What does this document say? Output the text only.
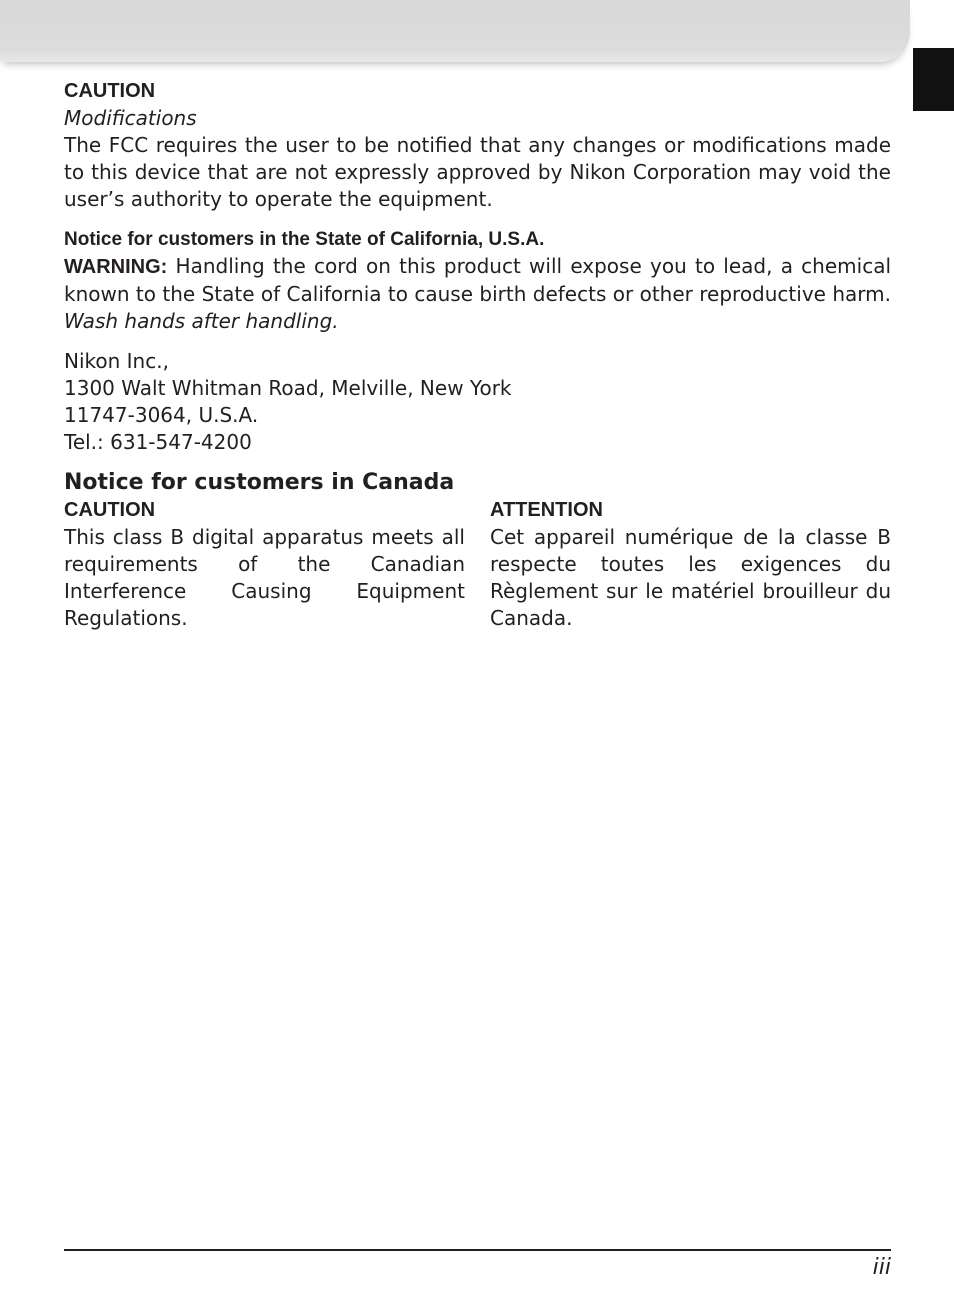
CAUTION

Modifications

The FCC requires the user to be notified that any changes or modifications made to this device that are not expressly approved by Nikon Corporation may void the user’s authority to operate the equipment.

Notice for customers in the State of California, U.S.A.

WARNING: Handling the cord on this product will expose you to lead, a chemical known to the State of California to cause birth defects or other reproductive harm. Wash hands after handling.

Nikon Inc.,

1300 Walt Whitman Road, Melville, New York

11747-3064, U.S.A.

Tel.: 631-547-4200

Notice for customers in Canada

CAUTION

This class B digital apparatus meets all requirements of the Canadian Interference Causing Equipment Regulations.

ATTENTION

Cet appareil numérique de la classe B respecte toutes les exigences du Règlement sur le matériel brouilleur du Canada.

iii
